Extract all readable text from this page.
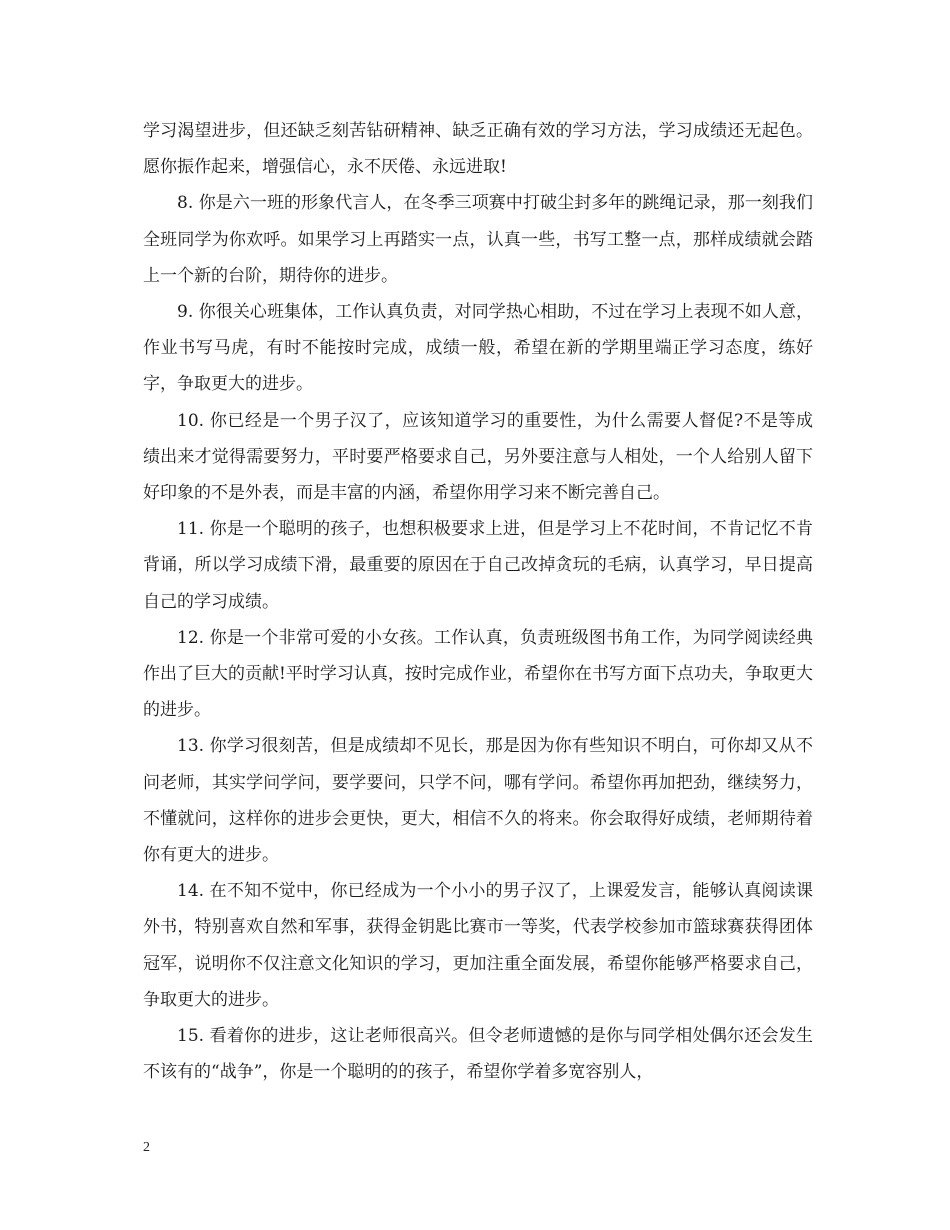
学习渴望进步，但还缺乏刻苦钻研精神、缺乏正确有效的学习方法，学习成绩还无起色。愿你振作起来，增强信心，永不厌倦、永远进取!

8. 你是六一班的形象代言人，在冬季三项赛中打破尘封多年的跳绳记录，那一刻我们全班同学为你欢呼。如果学习上再踏实一点，认真一些，书写工整一点，那样成绩就会踏上一个新的台阶，期待你的进步。

9. 你很关心班集体，工作认真负责，对同学热心相助，不过在学习上表现不如人意，作业书写马虎，有时不能按时完成，成绩一般，希望在新的学期里端正学习态度，练好字，争取更大的进步。

10. 你已经是一个男子汉了，应该知道学习的重要性，为什么需要人督促?不是等成绩出来才觉得需要努力，平时要严格要求自己，另外要注意与人相处，一个人给别人留下好印象的不是外表，而是丰富的内涵，希望你用学习来不断完善自己。

11. 你是一个聪明的孩子，也想积极要求上进，但是学习上不花时间，不肯记忆不肯背诵，所以学习成绩下滑，最重要的原因在于自己改掉贪玩的毛病，认真学习，早日提高自己的学习成绩。

12. 你是一个非常可爱的小女孩。工作认真，负责班级图书角工作，为同学阅读经典作出了巨大的贡献!平时学习认真，按时完成作业，希望你在书写方面下点功夫，争取更大的进步。

13. 你学习很刻苦，但是成绩却不见长，那是因为你有些知识不明白，可你却又从不问老师，其实学问学问，要学要问，只学不问，哪有学问。希望你再加把劲，继续努力，不懂就问，这样你的进步会更快，更大，相信不久的将来。你会取得好成绩，老师期待着你有更大的进步。

14. 在不知不觉中，你已经成为一个小小的男子汉了，上课爱发言，能够认真阅读课外书，特别喜欢自然和军事，获得金钥匙比赛市一等奖，代表学校参加市篮球赛获得团体冠军，说明你不仅注意文化知识的学习，更加注重全面发展，希望你能够严格要求自己，争取更大的进步。

15. 看着你的进步，这让老师很高兴。但令老师遗憾的是你与同学相处偶尔还会发生不该有的“战争”，你是一个聪明的的孩子，希望你学着多宽容别人，

2
